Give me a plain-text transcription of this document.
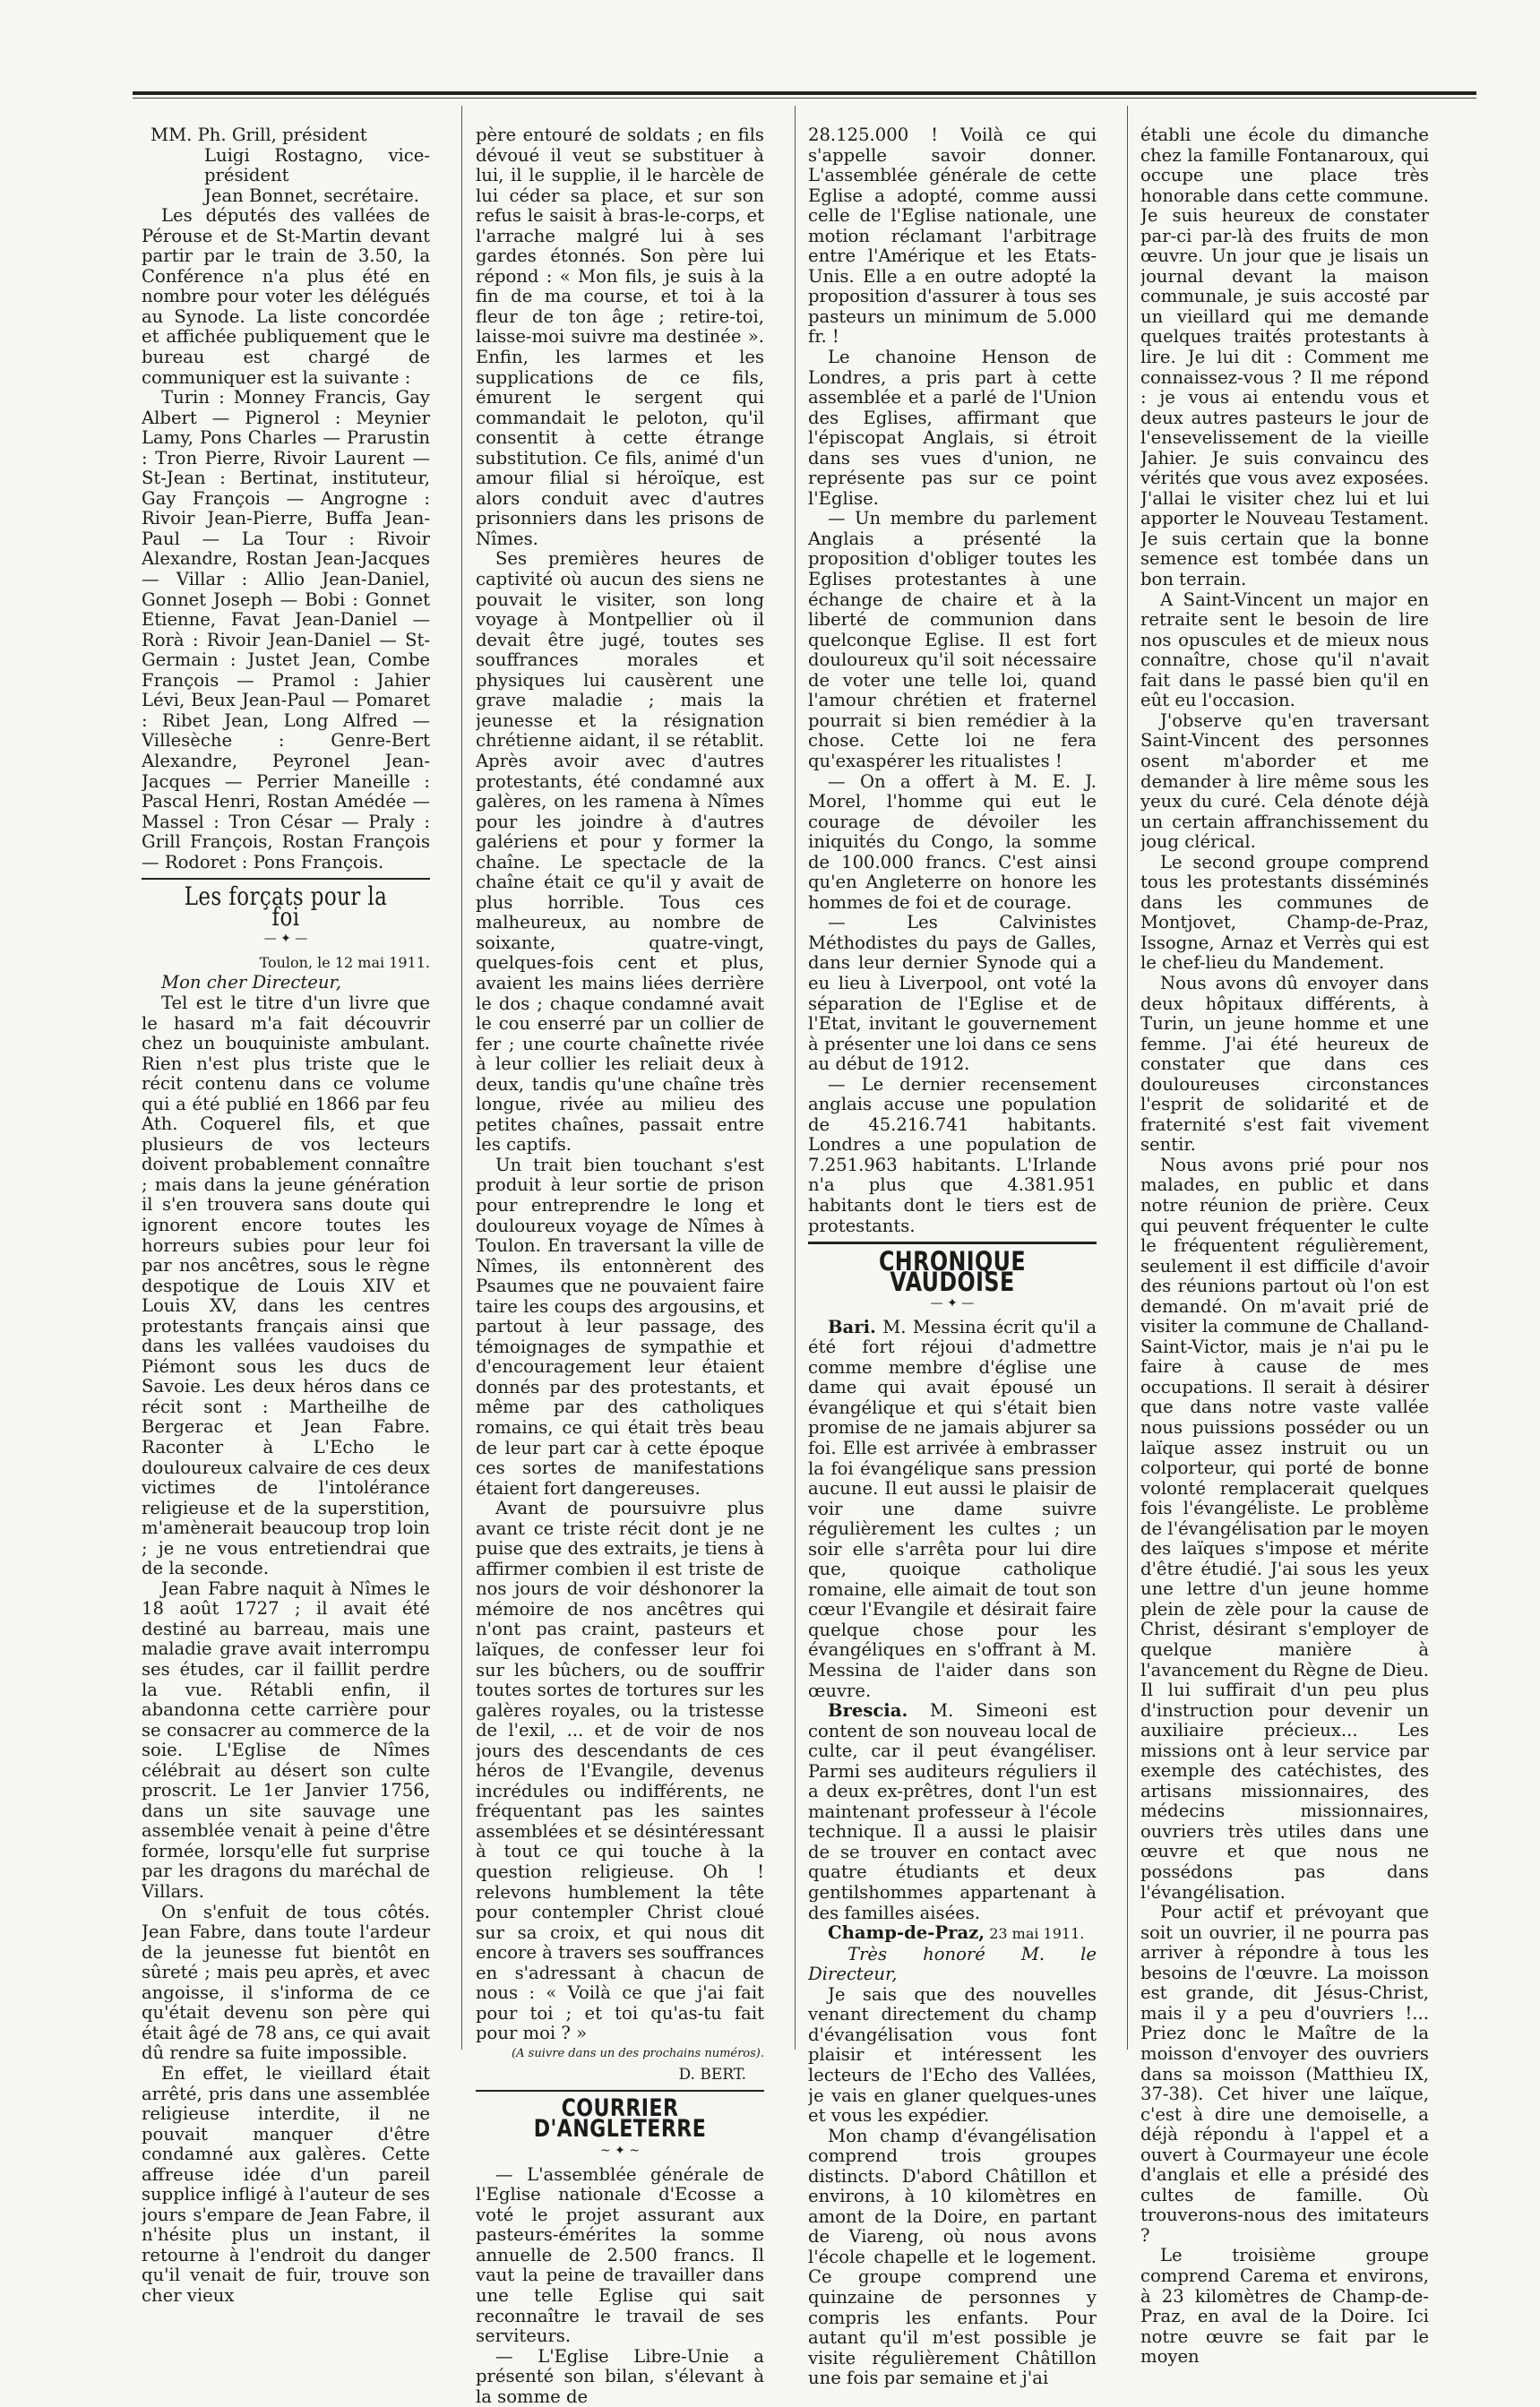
MM. Ph. Grill, président

Luigi Rostagno, vice-président

Jean Bonnet, secrétaire.

Les députés des vallées de Pérouse et de St-Martin devant partir par le train de 3.50, la Conférence n'a plus été en nombre pour voter les délégués au Synode. La liste concordée et affichée publiquement que le bureau est chargé de communiquer est la suivante :

Turin : Monney Francis, Gay Albert — Pignerol : Meynier Lamy, Pons Charles — Prarustin : Tron Pierre, Rivoir Laurent — St-Jean : Bertinat, instituteur, Gay François — Angrogne : Rivoir Jean-Pierre, Buffa Jean-Paul — La Tour : Rivoir Alexandre, Rostan Jean-Jacques — Villar : Allio Jean-Daniel, Gonnet Joseph — Bobi : Gonnet Etienne, Favat Jean-Daniel — Rorà : Rivoir Jean-Daniel — St-Germain : Justet Jean, Combe François — Pramol : Jahier Lévi, Beux Jean-Paul — Pomaret : Ribet Jean, Long Alfred — Villesèche : Genre-Bert Alexandre, Peyronel Jean-Jacques — Perrier Maneille : Pascal Henri, Rostan Amédée — Massel : Tron César — Praly : Grill François, Rostan François — Rodoret : Pons François.

Les forçats pour la foi
— ✦ —

Toulon, le 12 mai 1911.

Mon cher Directeur,

Tel est le titre d'un livre que le hasard m'a fait découvrir chez un bouquiniste ambulant. Rien n'est plus triste que le récit contenu dans ce volume qui a été publié en 1866 par feu Ath. Coquerel fils, et que plusieurs de vos lecteurs doivent probablement connaître ; mais dans la jeune génération il s'en trouvera sans doute qui ignorent encore toutes les horreurs subies pour leur foi par nos ancêtres, sous le règne despotique de Louis XIV et Louis XV, dans les centres protestants français ainsi que dans les vallées vaudoises du Piémont sous les ducs de Savoie. Les deux héros dans ce récit sont : Martheilhe de Bergerac et Jean Fabre. Raconter à L'Echo le douloureux calvaire de ces deux victimes de l'intolérance religieuse et de la superstition, m'amènerait beaucoup trop loin ; je ne vous entretiendrai que de la seconde.

Jean Fabre naquit à Nîmes le 18 août 1727 ; il avait été destiné au barreau, mais une maladie grave avait interrompu ses études, car il faillit perdre la vue. Rétabli enfin, il abandonna cette carrière pour se consacrer au commerce de la soie. L'Eglise de Nîmes célébrait au désert son culte proscrit. Le 1er Janvier 1756, dans un site sauvage une assemblée venait à peine d'être formée, lorsqu'elle fut surprise par les dragons du maréchal de Villars.

On s'enfuit de tous côtés. Jean Fabre, dans toute l'ardeur de la jeunesse fut bientôt en sûreté ; mais peu après, et avec angoisse, il s'informa de ce qu'était devenu son père qui était âgé de 78 ans, ce qui avait dû rendre sa fuite impossible.

En effet, le vieillard était arrêté, pris dans une assemblée religieuse interdite, il ne pouvait manquer d'être condamné aux galères. Cette affreuse idée d'un pareil supplice infligé à l'auteur de ses jours s'empare de Jean Fabre, il n'hésite plus un instant, il retourne à l'endroit du danger qu'il venait de fuir, trouve son cher vieux

père entouré de soldats ; en fils dévoué il veut se substituer à lui, il le supplie, il le harcèle de lui céder sa place, et sur son refus le saisit à bras-le-corps, et l'arrache malgré lui à ses gardes étonnés. Son père lui répond : « Mon fils, je suis à la fin de ma course, et toi à la fleur de ton âge ; retire-toi, laisse-moi suivre ma destinée ». Enfin, les larmes et les supplications de ce fils, émurent le sergent qui commandait le peloton, qu'il consentit à cette étrange substitution. Ce fils, animé d'un amour filial si héroïque, est alors conduit avec d'autres prisonniers dans les prisons de Nîmes.

Ses premières heures de captivité où aucun des siens ne pouvait le visiter, son long voyage à Montpellier où il devait être jugé, toutes ses souffrances morales et physiques lui causèrent une grave maladie ; mais la jeunesse et la résignation chrétienne aidant, il se rétablit. Après avoir avec d'autres protestants, été condamné aux galères, on les ramena à Nîmes pour les joindre à d'autres galériens et pour y former la chaîne. Le spectacle de la chaîne était ce qu'il y avait de plus horrible. Tous ces malheureux, au nombre de soixante, quatre-vingt, quelques-fois cent et plus, avaient les mains liées derrière le dos ; chaque condamné avait le cou enserré par un collier de fer ; une courte chaînette rivée à leur collier les reliait deux à deux, tandis qu'une chaîne très longue, rivée au milieu des petites chaînes, passait entre les captifs.

Un trait bien touchant s'est produit à leur sortie de prison pour entreprendre le long et douloureux voyage de Nîmes à Toulon. En traversant la ville de Nîmes, ils entonnèrent des Psaumes que ne pouvaient faire taire les coups des argousins, et partout à leur passage, des témoignages de sympathie et d'encouragement leur étaient donnés par des protestants, et même par des catholiques romains, ce qui était très beau de leur part car à cette époque ces sortes de manifestations étaient fort dangereuses.

Avant de poursuivre plus avant ce triste récit dont je ne puise que des extraits, je tiens à affirmer combien il est triste de nos jours de voir déshonorer la mémoire de nos ancêtres qui n'ont pas craint, pasteurs et laïques, de confesser leur foi sur les bûchers, ou de souffrir toutes sortes de tortures sur les galères royales, ou la tristesse de l'exil, ... et de voir de nos jours des descendants de ces héros de l'Evangile, devenus incrédules ou indifférents, ne fréquentant pas les saintes assemblées et se désintéressant à tout ce qui touche à la question religieuse. Oh ! relevons humblement la tête pour contempler Christ cloué sur sa croix, et qui nous dit encore à travers ses souffrances en s'adressant à chacun de nous : « Voilà ce que j'ai fait pour toi ; et toi qu'as-tu fait pour moi ? »

(A suivre dans un des prochains numéros).

D. BERT.

COURRIER D'ANGLETERRE
~ ✦ ~

— L'assemblée générale de l'Eglise nationale d'Ecosse a voté le projet assurant aux pasteurs-émérites la somme annuelle de 2.500 francs. Il vaut la peine de travailler dans une telle Eglise qui sait reconnaître le travail de ses serviteurs.

— L'Eglise Libre-Unie a présenté son bilan, s'élevant à la somme de

28.125.000 ! Voilà ce qui s'appelle savoir donner. L'assemblée générale de cette Eglise a adopté, comme aussi celle de l'Eglise nationale, une motion réclamant l'arbitrage entre l'Amérique et les Etats-Unis. Elle a en outre adopté la proposition d'assurer à tous ses pasteurs un minimum de 5.000 fr. !

Le chanoine Henson de Londres, a pris part à cette assemblée et a parlé de l'Union des Eglises, affirmant que l'épiscopat Anglais, si étroit dans ses vues d'union, ne représente pas sur ce point l'Eglise.

— Un membre du parlement Anglais a présenté la proposition d'obliger toutes les Eglises protestantes à une échange de chaire et à la liberté de communion dans quelconque Eglise. Il est fort douloureux qu'il soit nécessaire de voter une telle loi, quand l'amour chrétien et fraternel pourrait si bien remédier à la chose. Cette loi ne fera qu'exaspérer les ritualistes !

— On a offert à M. E. J. Morel, l'homme qui eut le courage de dévoiler les iniquités du Congo, la somme de 100.000 francs. C'est ainsi qu'en Angleterre on honore les hommes de foi et de courage.

— Les Calvinistes Méthodistes du pays de Galles, dans leur dernier Synode qui a eu lieu à Liverpool, ont voté la séparation de l'Eglise et de l'Etat, invitant le gouvernement à présenter une loi dans ce sens au début de 1912.

— Le dernier recensement anglais accuse une population de 45.216.741 habitants. Londres a une population de 7.251.963 habitants. L'Irlande n'a plus que 4.381.951 habitants dont le tiers est de protestants.

CHRONIQUE VAUDOISE
— ✦ —

Bari. M. Messina écrit qu'il a été fort réjoui d'admettre comme membre d'église une dame qui avait épousé un évangélique et qui s'était bien promise de ne jamais abjurer sa foi. Elle est arrivée à embrasser la foi évangélique sans pression aucune. Il eut aussi le plaisir de voir une dame suivre régulièrement les cultes ; un soir elle s'arrêta pour lui dire que, quoique catholique romaine, elle aimait de tout son cœur l'Evangile et désirait faire quelque chose pour les évangéliques en s'offrant à M. Messina de l'aider dans son œuvre.

Brescia. M. Simeoni est content de son nouveau local de culte, car il peut évangéliser. Parmi ses auditeurs réguliers il a deux ex-prêtres, dont l'un est maintenant professeur à l'école technique. Il a aussi le plaisir de se trouver en contact avec quatre étudiants et deux gentilshommes appartenant à des familles aisées.

Champ-de-Praz, 23 mai 1911.

Très honoré M. le Directeur,

Je sais que des nouvelles venant directement du champ d'évangélisation vous font plaisir et intéressent les lecteurs de l'Echo des Vallées, je vais en glaner quelques-unes et vous les expédier.

Mon champ d'évangélisation comprend trois groupes distincts. D'abord Châtillon et environs, à 10 kilomètres en amont de la Doire, en partant de Viareng, où nous avons l'école chapelle et le logement. Ce groupe comprend une quinzaine de personnes y compris les enfants. Pour autant qu'il m'est possible je visite régulièrement Châtillon une fois par semaine et j'ai

établi une école du dimanche chez la famille Fontanaroux, qui occupe une place très honorable dans cette commune. Je suis heureux de constater par-ci par-là des fruits de mon œuvre. Un jour que je lisais un journal devant la maison communale, je suis accosté par un vieillard qui me demande quelques traités protestants à lire. Je lui dit : Comment me connaissez-vous ? Il me répond : je vous ai entendu vous et deux autres pasteurs le jour de l'ensevelissement de la vieille Jahier. Je suis convaincu des vérités que vous avez exposées. J'allai le visiter chez lui et lui apporter le Nouveau Testament. Je suis certain que la bonne semence est tombée dans un bon terrain.

A Saint-Vincent un major en retraite sent le besoin de lire nos opuscules et de mieux nous connaître, chose qu'il n'avait fait dans le passé bien qu'il en eût eu l'occasion.

J'observe qu'en traversant Saint-Vincent des personnes osent m'aborder et me demander à lire même sous les yeux du curé. Cela dénote déjà un certain affranchissement du joug clérical.

Le second groupe comprend tous les protestants disséminés dans les communes de Montjovet, Champ-de-Praz, Issogne, Arnaz et Verrès qui est le chef-lieu du Mandement.

Nous avons dû envoyer dans deux hôpitaux différents, à Turin, un jeune homme et une femme. J'ai été heureux de constater que dans ces douloureuses circonstances l'esprit de solidarité et de fraternité s'est fait vivement sentir.

Nous avons prié pour nos malades, en public et dans notre réunion de prière. Ceux qui peuvent fréquenter le culte le fréquentent régulièrement, seulement il est difficile d'avoir des réunions partout où l'on est demandé. On m'avait prié de visiter la commune de Challand-Saint-Victor, mais je n'ai pu le faire à cause de mes occupations. Il serait à désirer que dans notre vaste vallée nous puissions posséder ou un laïque assez instruit ou un colporteur, qui porté de bonne volonté remplacerait quelques fois l'évangéliste. Le problème de l'évangélisation par le moyen des laïques s'impose et mérite d'être étudié. J'ai sous les yeux une lettre d'un jeune homme plein de zèle pour la cause de Christ, désirant s'employer de quelque manière à l'avancement du Règne de Dieu. Il lui suffirait d'un peu plus d'instruction pour devenir un auxiliaire précieux... Les missions ont à leur service par exemple des catéchistes, des artisans missionnaires, des médecins missionnaires, ouvriers très utiles dans une œuvre et que nous ne possédons pas dans l'évangélisation.

Pour actif et prévoyant que soit un ouvrier, il ne pourra pas arriver à répondre à tous les besoins de l'œuvre. La moisson est grande, dit Jésus-Christ, mais il y a peu d'ouvriers !... Priez donc le Maître de la moisson d'envoyer des ouvriers dans sa moisson (Matthieu IX, 37-38). Cet hiver une laïque, c'est à dire une demoiselle, a déjà répondu à l'appel et a ouvert à Courmayeur une école d'anglais et elle a présidé des cultes de famille. Où trouverons-nous des imitateurs ?

Le troisième groupe comprend Carema et environs, à 23 kilomètres de Champ-de-Praz, en aval de la Doire. Ici notre œuvre se fait par le moyen
